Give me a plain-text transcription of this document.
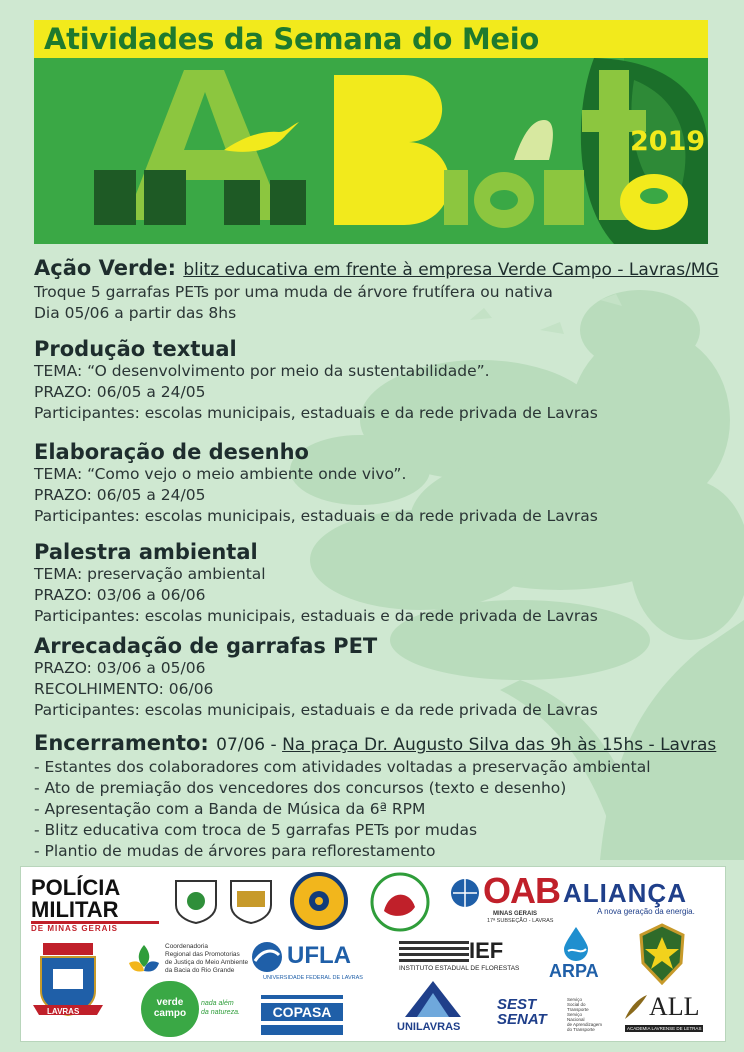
Atividades da Semana do Meio
2019
Ação Verde: blitz educativa em frente à empresa Verde Campo - Lavras/MG
Troque 5 garrafas PETs por uma muda de árvore frutífera ou nativa
Dia 05/06 a partir das 8hs
Produção textual
TEMA: “O desenvolvimento por meio da sustentabilidade”.
PRAZO: 06/05 a 24/05
Participantes: escolas municipais, estaduais e da rede privada de Lavras
Elaboração de desenho
TEMA: “Como vejo o meio ambiente onde vivo”.
PRAZO: 06/05 a 24/05
Participantes: escolas municipais, estaduais e da rede privada de Lavras
Palestra ambiental
TEMA: preservação ambiental
PRAZO: 03/06 a 06/06
Participantes: escolas municipais, estaduais e da rede privada de Lavras
Arrecadação de garrafas PET
PRAZO: 03/06 a 05/06
RECOLHIMENTO: 06/06
Participantes: escolas municipais, estaduais e da rede privada de Lavras
Encerramento: 07/06 - Na praça Dr. Augusto Silva das 9h às 15hs - Lavras
- Estantes dos colaboradores com atividades voltadas a preservação ambiental
- Ato de premiação dos vencedores dos concursos (texto e desenho)
- Apresentação com a Banda de Música da 6ª RPM
- Blitz educativa com troca de 5 garrafas PETs por mudas
- Plantio de mudas de árvores para reflorestamento
POLÍCIA
MILITAR
DE MINAS GERAIS
OAB
MINAS GERAIS
17ª SUBSEÇÃO - LAVRAS
ALIANÇA
A nova geração da energia.
LAVRAS
Coordenadoria
Regional das Promotorias
de Justiça do Meio Ambiente
da Bacia do Rio Grande
verde
campo
nada além
da natureza.
UFLA
UNIVERSIDADE FEDERAL DE LAVRAS
COPASA
IEF
INSTITUTO ESTADUAL DE FLORESTAS
UNILAVRAS
ARPA
SEST
SENAT
Serviço
Social do
Transporte
Serviço
Nacional
de Aprendizagem
do Transporte
ALL
ACADEMIA LAVRENSE DE LETRAS
